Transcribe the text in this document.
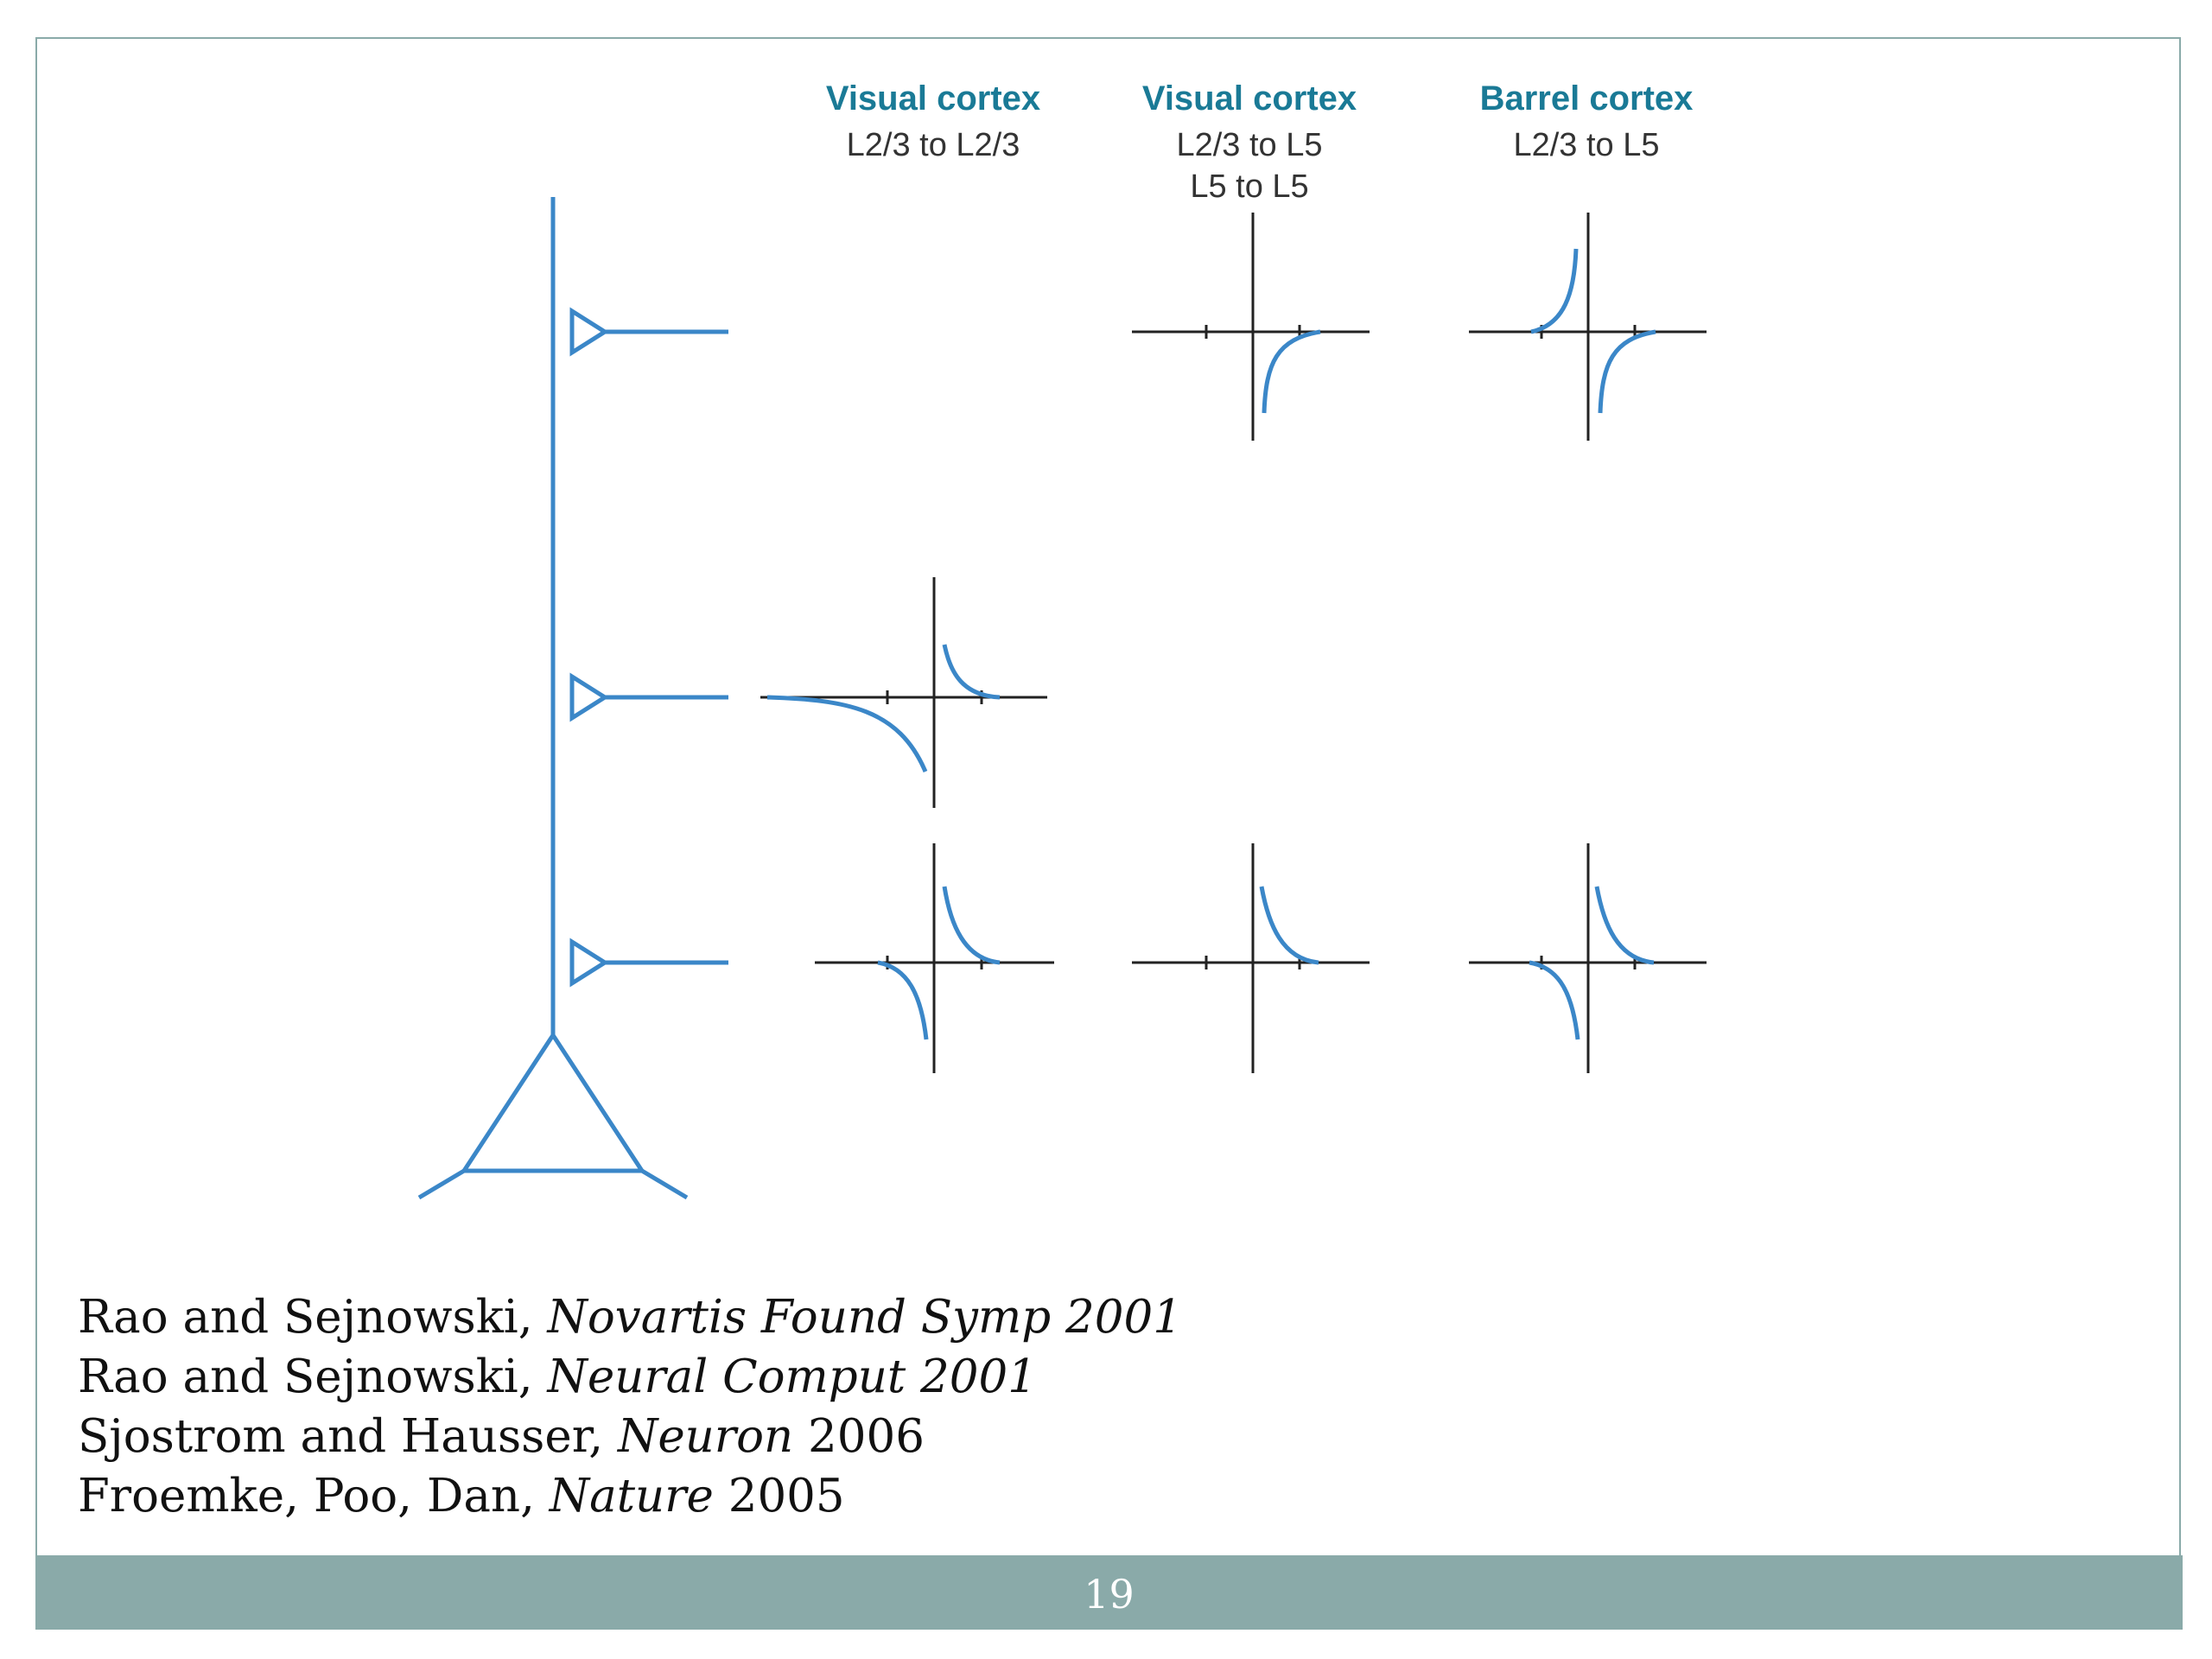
Visual cortex
L2/3 to L2/3
Visual cortex
L2/3 to L5
L5 to L5
Barrel cortex
L2/3 to L5
Rao and Sejnowski, Novartis Found Symp 2001
Rao and Sejnowski, Neural Comput 2001
Sjostrom and Hausser, Neuron 2006
Froemke, Poo, Dan, Nature 2005
19
